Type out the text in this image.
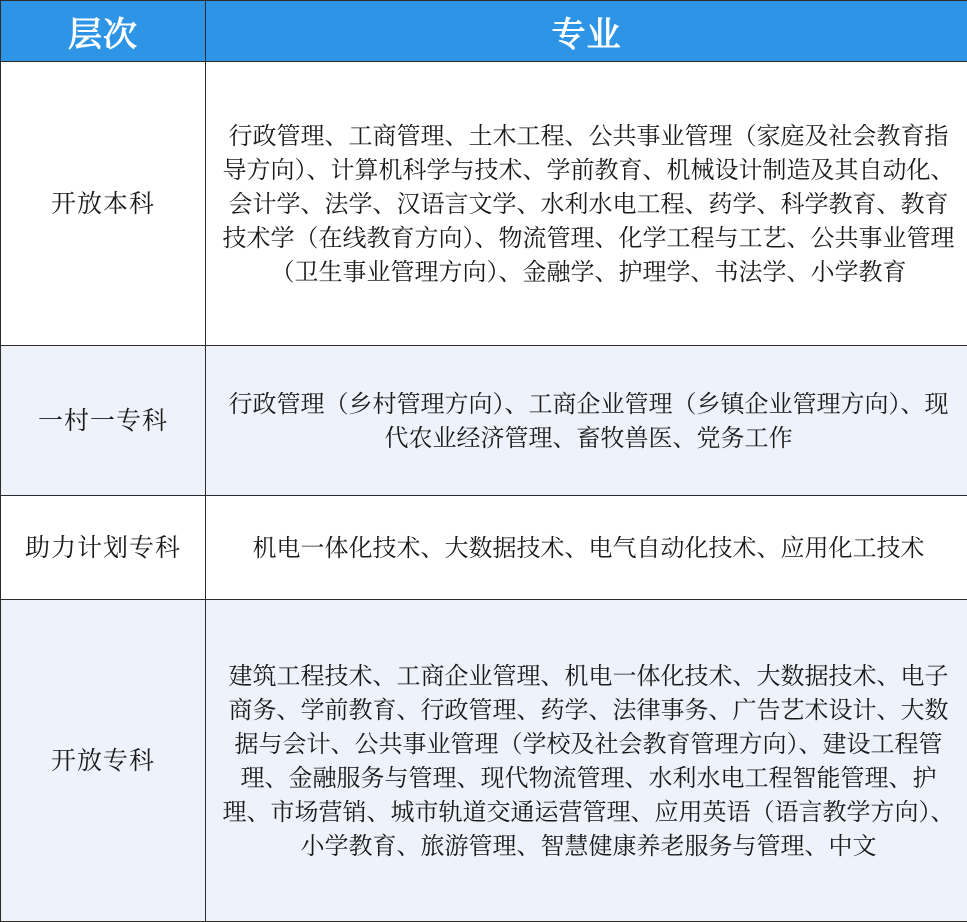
层次	专业
开放本科	行政管理、工商管理、土木工程、公共事业管理（家庭及社会教育指导方向）、计算机科学与技术、学前教育、机械设计制造及其自动化、会计学、法学、汉语言文学、水利水电工程、药学、科学教育、教育技术学（在线教育方向）、物流管理、化学工程与工艺、公共事业管理（卫生事业管理方向）、金融学、护理学、书法学、小学教育
一村一专科	行政管理（乡村管理方向）、工商企业管理（乡镇企业管理方向）、现代农业经济管理、畜牧兽医、党务工作
助力计划专科	机电一体化技术、大数据技术、电气自动化技术、应用化工技术
开放专科	建筑工程技术、工商企业管理、机电一体化技术、大数据技术、电子商务、学前教育、行政管理、药学、法律事务、广告艺术设计、大数据与会计、公共事业管理（学校及社会教育管理方向）、建设工程管理、金融服务与管理、现代物流管理、水利水电工程智能管理、护理、市场营销、城市轨道交通运营管理、应用英语（语言教学方向）、小学教育、旅游管理、智慧健康养老服务与管理、中文
